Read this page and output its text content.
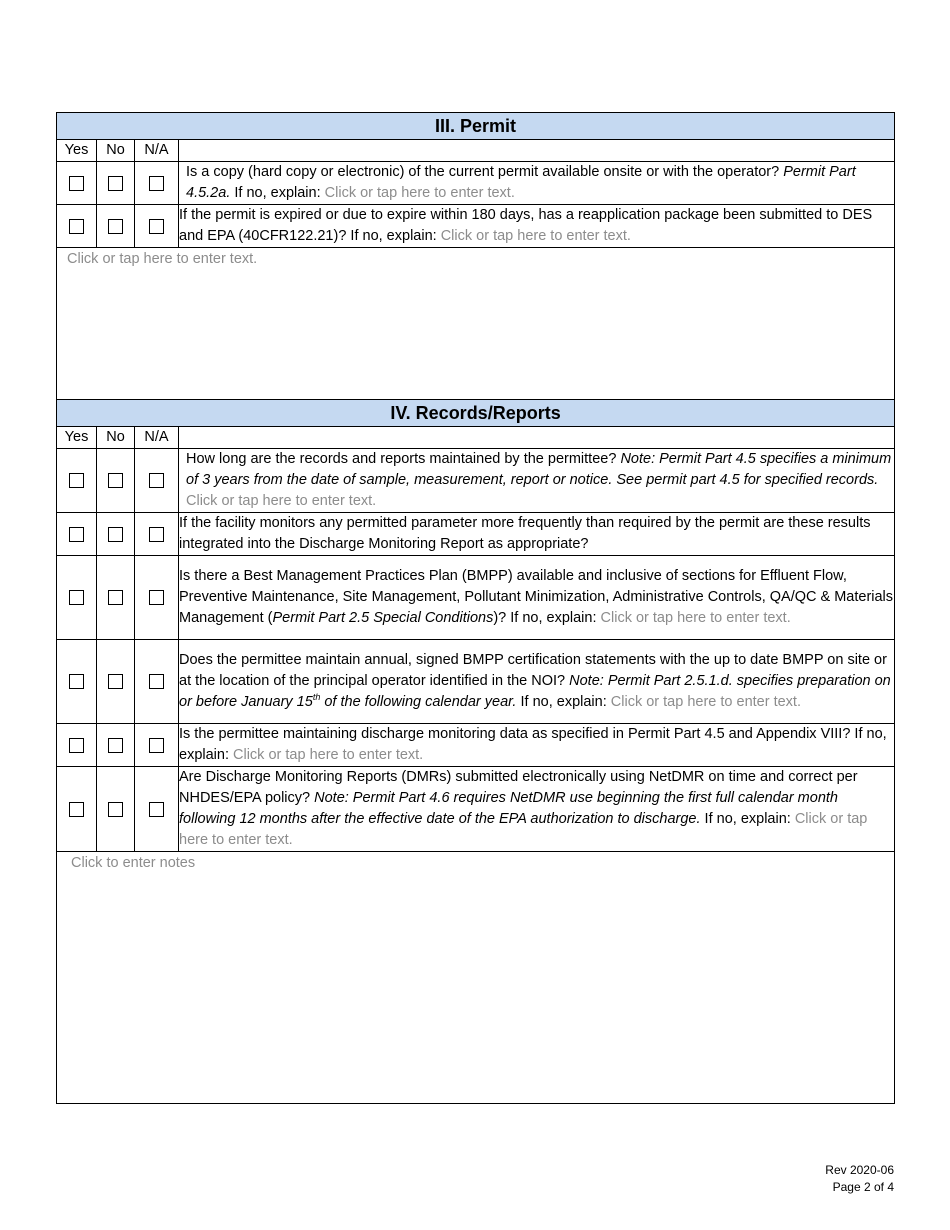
III. Permit			
Yes	No	N/A	
			Is a copy (hard copy or electronic) of the current permit available onsite or with the operator? Permit Part 4.5.2a. If no, explain: Click or tap here to enter text.
			If the permit is expired or due to expire within 180 days, has a reapplication package been submitted to DES and EPA (40CFR122.21)? If no, explain: Click or tap here to enter text.
Click or tap here to enter text.			
IV. Records/Reports			
Yes	No	N/A	
			How long are the records and reports maintained by the permittee? Note: Permit Part 4.5 specifies a minimum of 3 years from the date of sample, measurement, report or notice. See permit part 4.5 for specified records. Click or tap here to enter text.
			If the facility monitors any permitted parameter more frequently than required by the permit are these results integrated into the Discharge Monitoring Report as appropriate?
			Is there a Best Management Practices Plan (BMPP) available and inclusive of sections for Effluent Flow, Preventive Maintenance, Site Management, Pollutant Minimization, Administrative Controls, QA/QC & Materials Management (Permit Part 2.5 Special Conditions)? If no, explain: Click or tap here to enter text.
			Does the permittee maintain annual, signed BMPP certification statements with the up to date BMPP on site or at the location of the principal operator identified in the NOI? Note: Permit Part 2.5.1.d. specifies preparation on or before January 15th of the following calendar year. If no, explain: Click or tap here to enter text.
			Is the permittee maintaining discharge monitoring data as specified in Permit Part 4.5 and Appendix VIII? If no, explain: Click or tap here to enter text.
			Are Discharge Monitoring Reports (DMRs) submitted electronically using NetDMR on time and correct per NHDES/EPA policy? Note: Permit Part 4.6 requires NetDMR use beginning the first full calendar month following 12 months after the effective date of the EPA authorization to discharge. If no, explain: Click or tap here to enter text.
Click to enter notes			
Rev 2020-06
Page 2 of 4
